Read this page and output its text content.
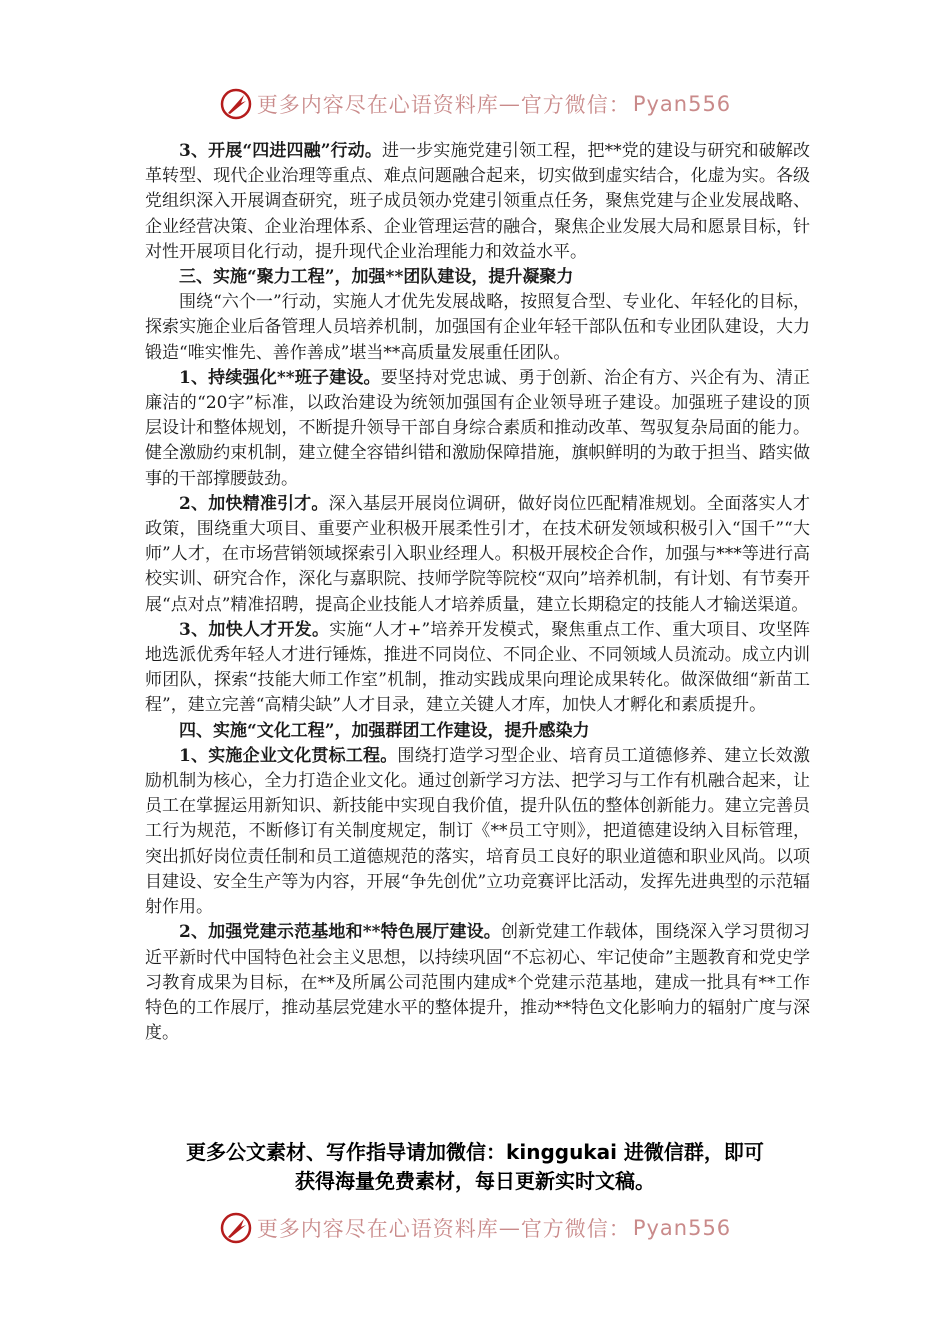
更多内容尽在心语资料库 — 官方微信： Pyan556

3、开展“四进四融”行动。进一步实施党建引领工程，把**党的建设与研究和破解改革转型、现代企业治理等重点、难点问题融合起来，切实做到虚实结合，化虚为实。各级党组织深入开展调查研究，班子成员领办党建引领重点任务，聚焦党建与企业发展战略、企业经营决策、企业治理体系、企业管理运营的融合，聚焦企业发展大局和愿景目标，针对性开展项目化行动，提升现代企业治理能力和效益水平。

三、实施“聚力工程”，加强**团队建设，提升凝聚力

围绕“六个一”行动，实施人才优先发展战略，按照复合型、专业化、年轻化的目标，探索实施企业后备管理人员培养机制，加强国有企业年轻干部队伍和专业团队建设，大力锻造“唯实惟先、善作善成”堪当**高质量发展重任团队。

1、持续强化**班子建设。要坚持对党忠诚、勇于创新、治企有方、兴企有为、清正廉洁的“20字”标准，以政治建设为统领加强国有企业领导班子建设。加强班子建设的顶层设计和整体规划，不断提升领导干部自身综合素质和推动改革、驾驭复杂局面的能力。健全激励约束机制，建立健全容错纠错和激励保障措施，旗帜鲜明的为敢于担当、踏实做事的干部撑腰鼓劲。

2、加快精准引才。深入基层开展岗位调研，做好岗位匹配精准规划。全面落实人才政策，围绕重大项目、重要产业积极开展柔性引才，在技术研发领域积极引入“国千”“大师”人才，在市场营销领域探索引入职业经理人。积极开展校企合作，加强与***等进行高校实训、研究合作，深化与嘉职院、技师学院等院校“双向”培养机制，有计划、有节奏开展“点对点”精准招聘，提高企业技能人才培养质量，建立长期稳定的技能人才输送渠道。

3、加快人才开发。实施“人才+”培养开发模式，聚焦重点工作、重大项目、攻坚阵地选派优秀年轻人才进行锤炼，推进不同岗位、不同企业、不同领域人员流动。成立内训师团队，探索“技能大师工作室”机制，推动实践成果向理论成果转化。做深做细“新苗工程”，建立完善“高精尖缺”人才目录，建立关键人才库，加快人才孵化和素质提升。

四、实施“文化工程”，加强群团工作建设，提升感染力

1、实施企业文化贯标工程。围绕打造学习型企业、培育员工道德修养、建立长效激励机制为核心，全力打造企业文化。通过创新学习方法、把学习与工作有机融合起来，让员工在掌握运用新知识、新技能中实现自我价值，提升队伍的整体创新能力。建立完善员工行为规范，不断修订有关制度规定，制订《**员工守则》，把道德建设纳入目标管理，突出抓好岗位责任制和员工道德规范的落实，培育员工良好的职业道德和职业风尚。以项目建设、安全生产等为内容，开展“争先创优”立功竞赛评比活动，发挥先进典型的示范辐射作用。

2、加强党建示范基地和**特色展厅建设。创新党建工作载体，围绕深入学习贯彻习近平新时代中国特色社会主义思想，以持续巩固“不忘初心、牢记使命”主题教育和党史学习教育成果为目标，在**及所属公司范围内建成*个党建示范基地，建成一批具有**工作特色的工作展厅，推动基层党建水平的整体提升，推动**特色文化影响力的辐射广度与深度。

更多公文素材、写作指导请加微信：kinggukai 进微信群，即可
获得海量免费素材，每日更新实时文稿。
更多内容尽在心语资料库 — 官方微信： Pyan556
